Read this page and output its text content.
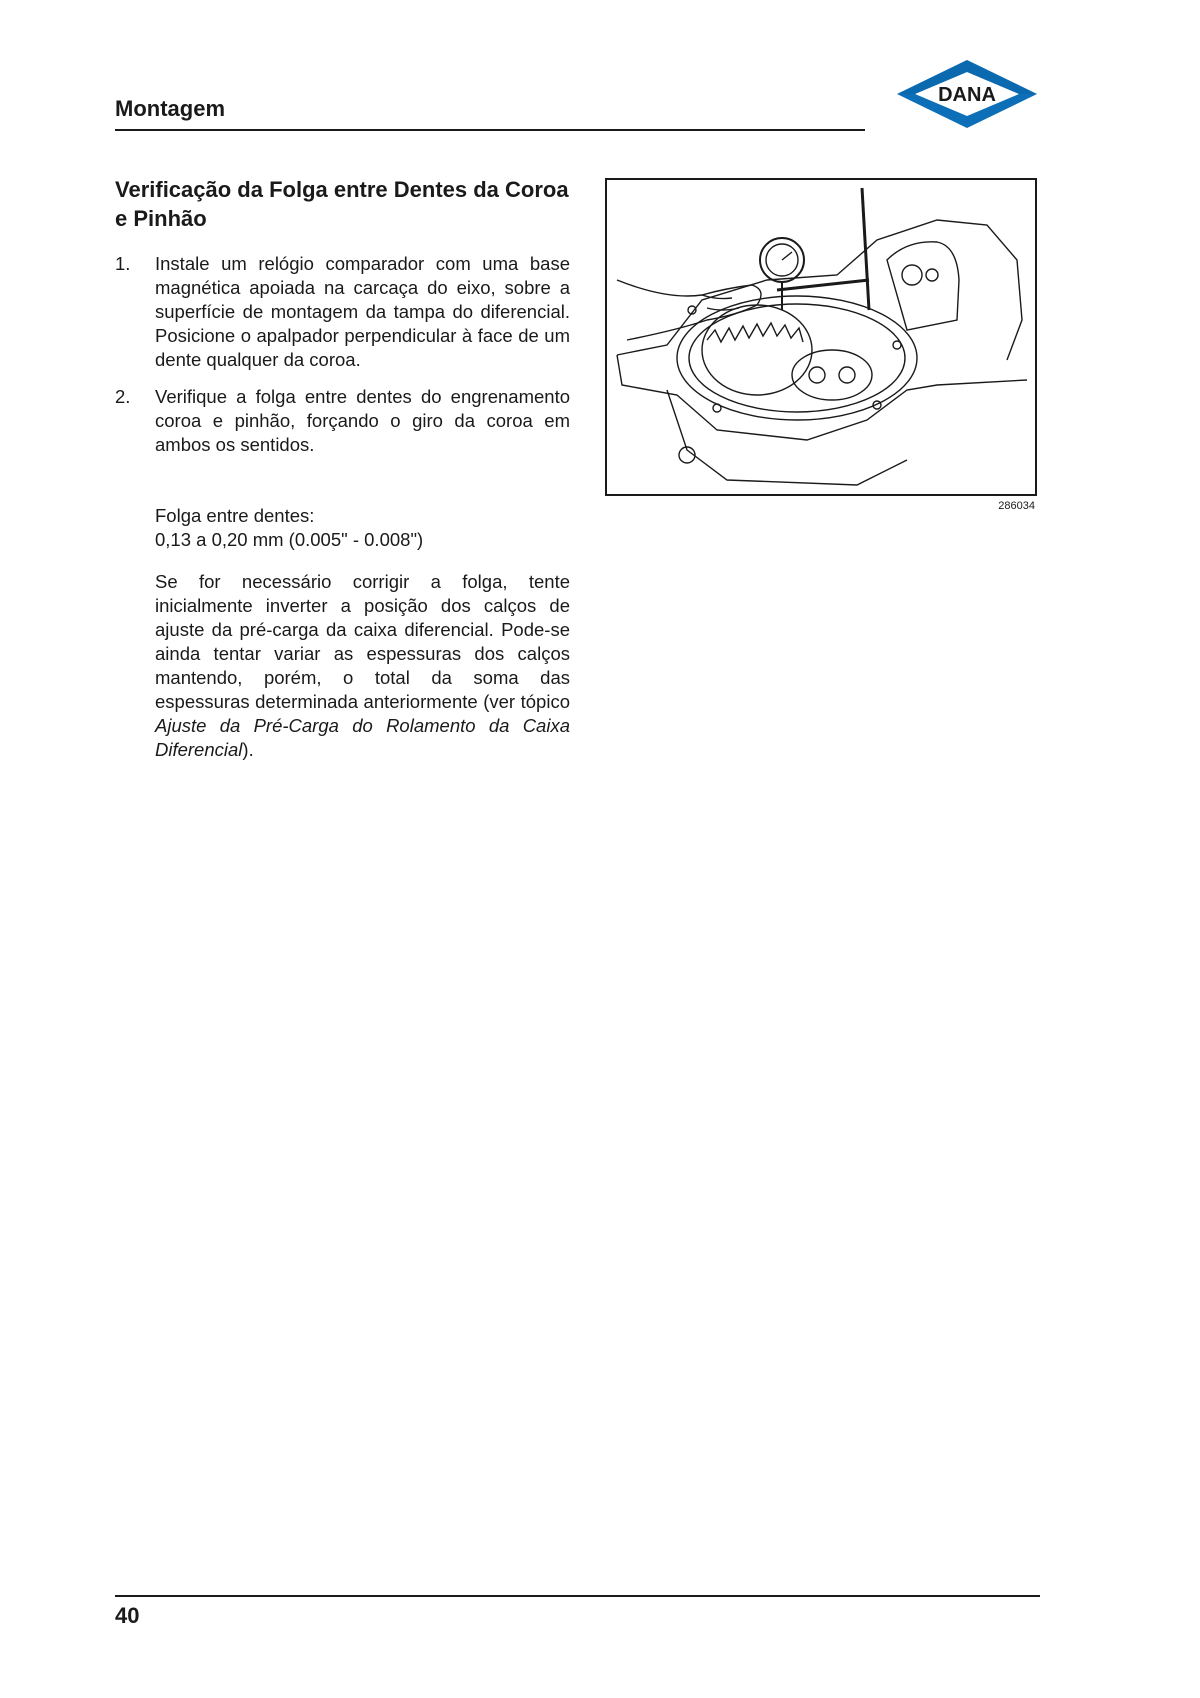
Montagem
DANA
Verificação da Folga entre Dentes da Coroa e Pinhão
1. Instale um relógio comparador com uma base magnética apoiada na carcaça do eixo, sobre a superfície de montagem da tampa do diferencial. Posicione o apalpador perpendicular à face de um dente qualquer da coroa.
2. Verifique a folga entre dentes do engrenamento coroa e pinhão, forçando o giro da coroa em ambos os sentidos.
Folga entre dentes:
0,13 a 0,20 mm (0.005" - 0.008")

Se for necessário corrigir a folga, tente inicialmente inverter a posição dos calços de ajuste da pré-carga da caixa diferencial. Pode-se ainda tentar variar as espessuras dos calços mantendo, porém, o total da soma das espessuras determinada anteriormente (ver tópico Ajuste da Pré-Carga do Rolamento da Caixa Diferencial).

286034
40
